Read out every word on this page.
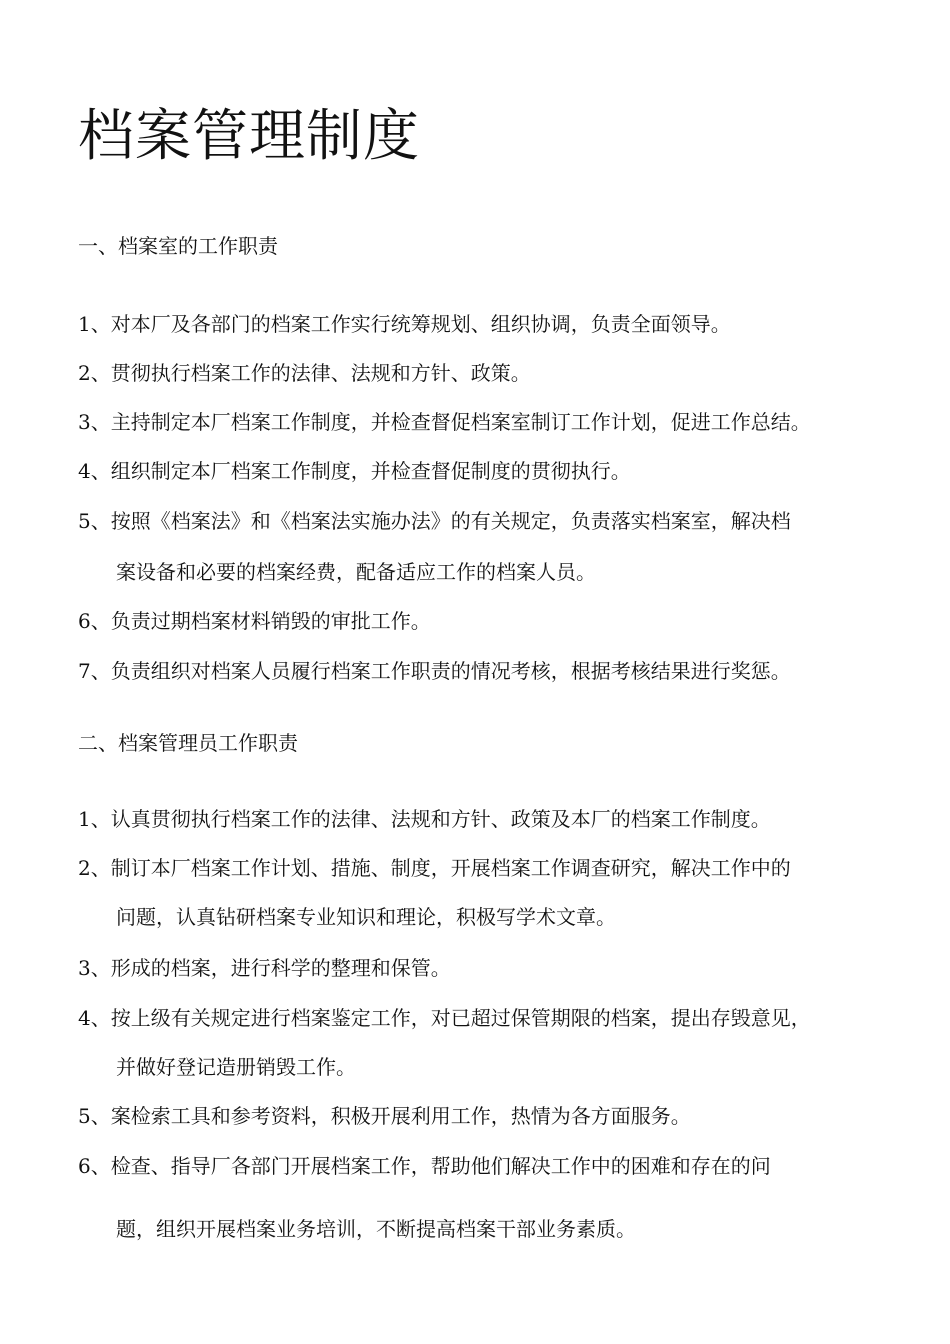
档案管理制度
一、档案室的工作职责
1、对本厂及各部门的档案工作实行统筹规划、组织协调，负责全面领导。
2、贯彻执行档案工作的法律、法规和方针、政策。
3、主持制定本厂档案工作制度，并检查督促档案室制订工作计划，促进工作总结。
4、组织制定本厂档案工作制度，并检查督促制度的贯彻执行。
5、按照《档案法》和《档案法实施办法》的有关规定，负责落实档案室，解决档
案设备和必要的档案经费，配备适应工作的档案人员。
6、负责过期档案材料销毁的审批工作。
7、负责组织对档案人员履行档案工作职责的情况考核，根据考核结果进行奖惩。
二、档案管理员工作职责
1、认真贯彻执行档案工作的法律、法规和方针、政策及本厂的档案工作制度。
2、制订本厂档案工作计划、措施、制度，开展档案工作调查研究，解决工作中的
问题，认真钻研档案专业知识和理论，积极写学术文章。
3、形成的档案，进行科学的整理和保管。
4、按上级有关规定进行档案鉴定工作，对已超过保管期限的档案，提出存毁意见，
并做好登记造册销毁工作。
5、案检索工具和参考资料，积极开展利用工作，热情为各方面服务。
6、检查、指导厂各部门开展档案工作，帮助他们解决工作中的困难和存在的问
题，组织开展档案业务培训，不断提高档案干部业务素质。
